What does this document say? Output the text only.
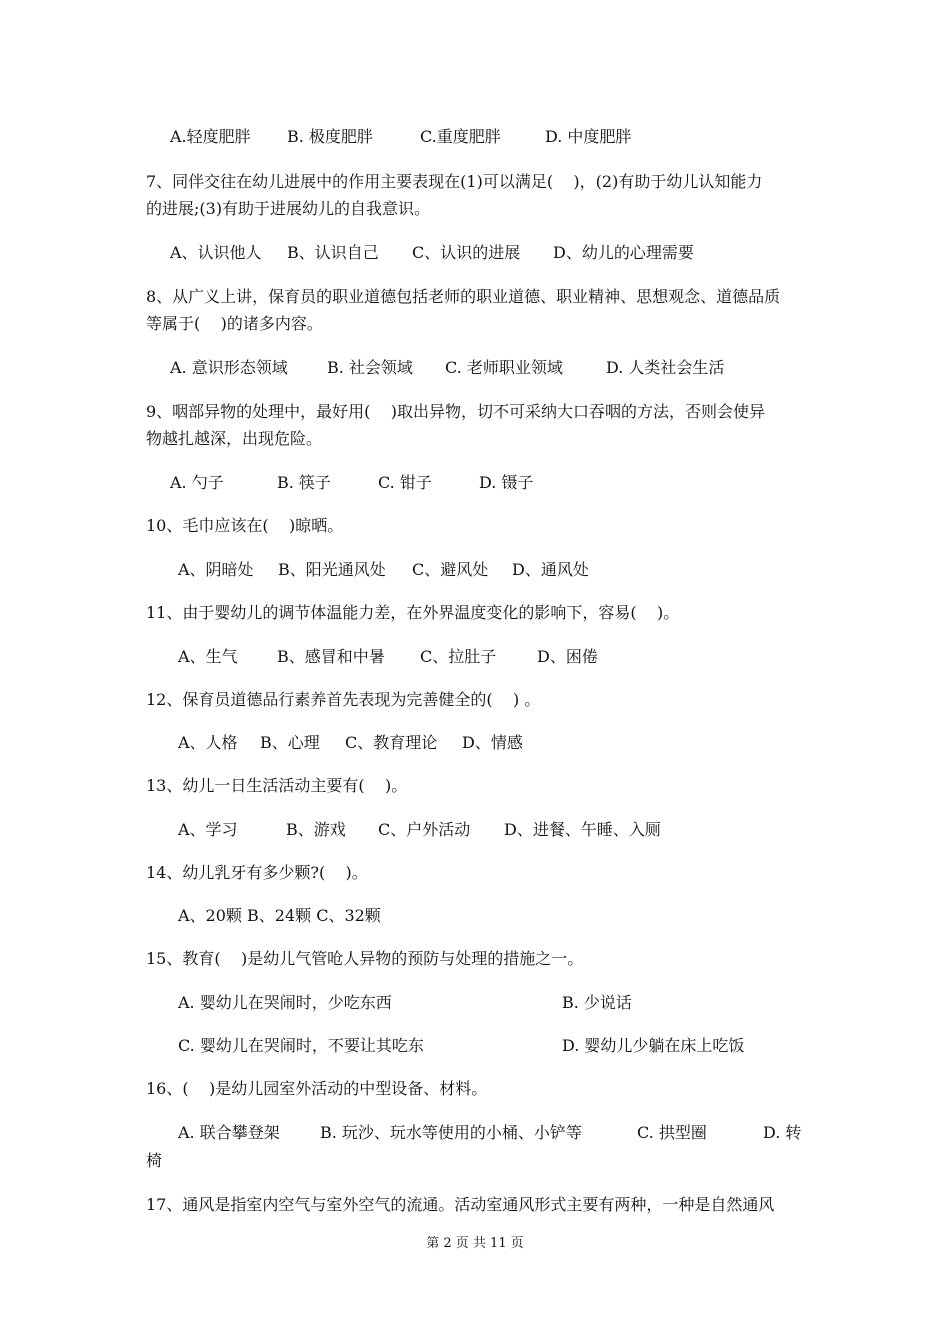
A.轻度肥胖 B. 极度肥胖	C.重度肥胖	D. 中度肥胖
7、同伴交往在幼儿进展中的作用主要表现在(1)可以满足(    )，(2)有助于幼儿认知能力
的进展;(3)有助于进展幼儿的自我意识。
A、认识他人 B、认识自己 C、认识的进展 D、幼儿的心理需要
8、从广义上讲，保育员的职业道德包括老师的职业道德、职业精神、思想观念、道德品质
等属于(    )的诸多内容。
A. 意识形态领域 B. 社会领域 C. 老师职业领域	D. 人类社会生活
9、咽部异物的处理中，最好用(    )取出异物，切不可采纳大口吞咽的方法，否则会使异
物越扎越深，出现危险。
A. 勺子	B. 筷子	C. 钳子	D. 镊子
10、毛巾应该在(    )晾晒。
A、阴暗处 B、阳光通风处 C、避风处 D、通风处
11、由于婴幼儿的调节体温能力差，在外界温度变化的影响下，容易(    )。
A、生气 B、感冒和中暑 C、拉肚子	D、困倦
12、保育员道德品行素养首先表现为完善健全的(    ) 。
A、人格 B、心理 C、教育理论 D、情感
13、幼儿一日生活活动主要有(    )。
A、学习	B、游戏 C、户外活动 D、进餐、午睡、入厕
14、幼儿乳牙有多少颗?(    )。
A、20颗 B、24颗 C、32颗
15、教育(    )是幼儿气管呛人异物的预防与处理的措施之一。
A. 婴幼儿在哭闹时，少吃东西	B. 少说话
C. 婴幼儿在哭闹时，不要让其吃东	D. 婴幼儿少躺在床上吃饭
16、(    )是幼儿园室外活动的中型设备、材料。
A. 联合攀登架	B. 玩沙、玩水等使用的小桶、小铲等	C. 拱型圈	D. 转
椅
17、通风是指室内空气与室外空气的流通。活动室通风形式主要有两种，一种是自然通风
第 2 页 共 11 页
